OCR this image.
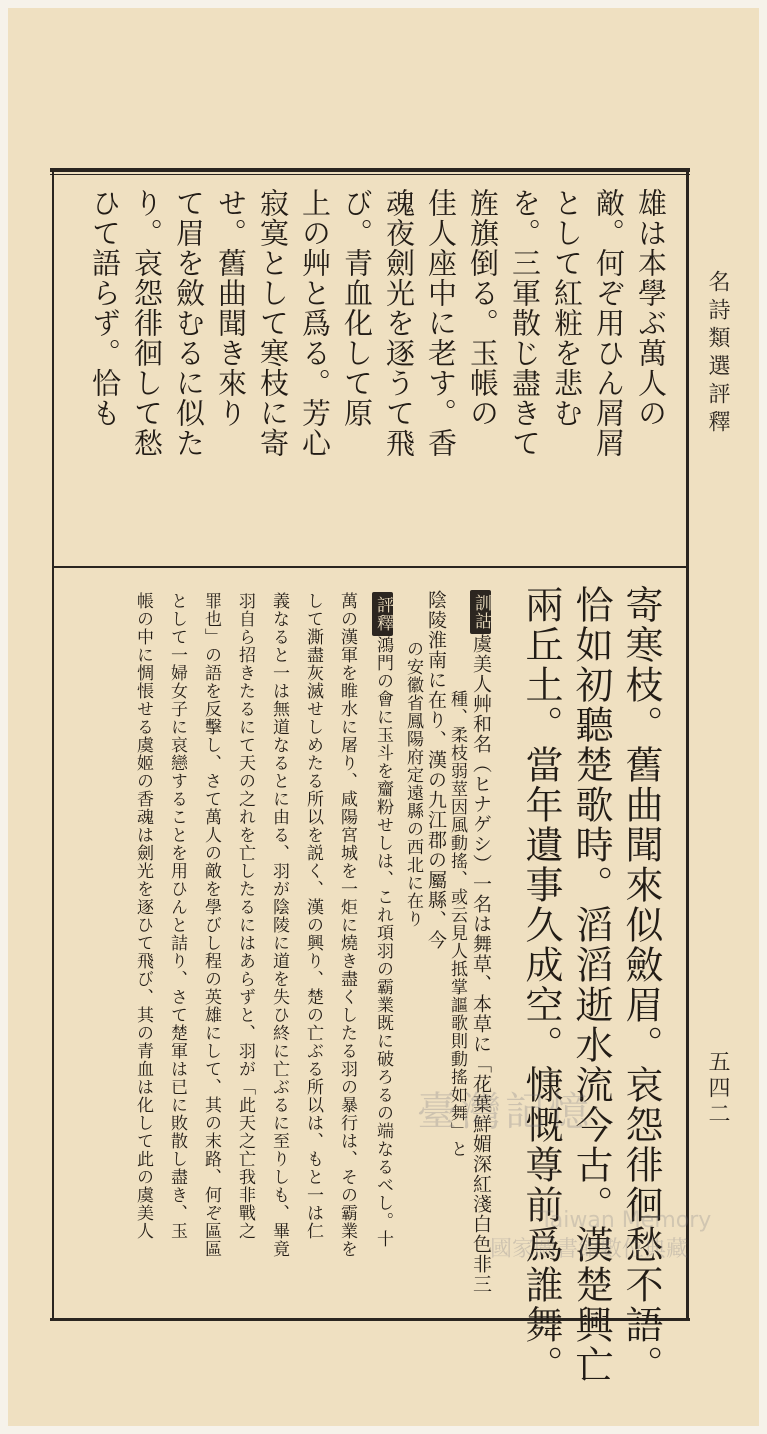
名詩類選評釋
五四二
雄は本學ぶ萬人の
敵。何ぞ用ひん屑屑
として紅粧を悲む
を。三軍散じ盡きて
旌旗倒る。玉帳の
佳人座中に老す。香
魂夜劍光を逐うて飛
び。青血化して原
上の艸と爲る。芳心
寂寞として寒枝に寄
せ。舊曲聞き來り
て眉を斂むるに似た
り。哀怨徘徊して愁
ひて語らず。恰も
寄寒枝。舊曲聞來似斂眉。哀怨徘徊愁不語。
恰如初聽楚歌時。滔滔逝水流今古。漢楚興亡
兩丘土。當年遺事久成空。慷慨尊前爲誰舞。
訓詁虞美人艸和名（ヒナゲシ）一名は舞草、本草に「花葉鮮媚深紅淺白色非三
種、柔枝弱莖因風動搖、或云見人抵掌謳歌則動搖如舞」と
陰陵淮南に在り、漢の九江郡の屬縣、今
の安徽省鳳陽府定遠縣の西北に在り
評釋鴻門の會に玉斗を齏粉せしは、これ項羽の霸業既に破ろるの端なるべし。十
萬の漢軍を睢水に屠り、咸陽宮城を一炬に燒き盡くしたる羽の暴行は、その霸業を
して澌盡灰滅せしめたる所以を説く、漢の興り、楚の亡ぶる所以は、もと一は仁
義なると一は無道なるとに由る、羽が陰陵に道を失ひ終に亡ぶるに至りしも、畢竟
羽自ら招きたるにて天の之れを亡したるにはあらずと、羽が「此天之亡我非戰之
罪也」の語を反擊し、さて萬人の敵を學びし程の英雄にして、其の末路、何ぞ區區
として一婦女子に哀戀することを用ひんと詰り、さて楚軍は已に敗散し盡き、玉
帳の中に惆悵せる虞姬の香魂は劍光を逐ひて飛び、其の青血は化して此の虞美人	臺灣記憶
Taiwan Memory
國家圖書館數位典藏
